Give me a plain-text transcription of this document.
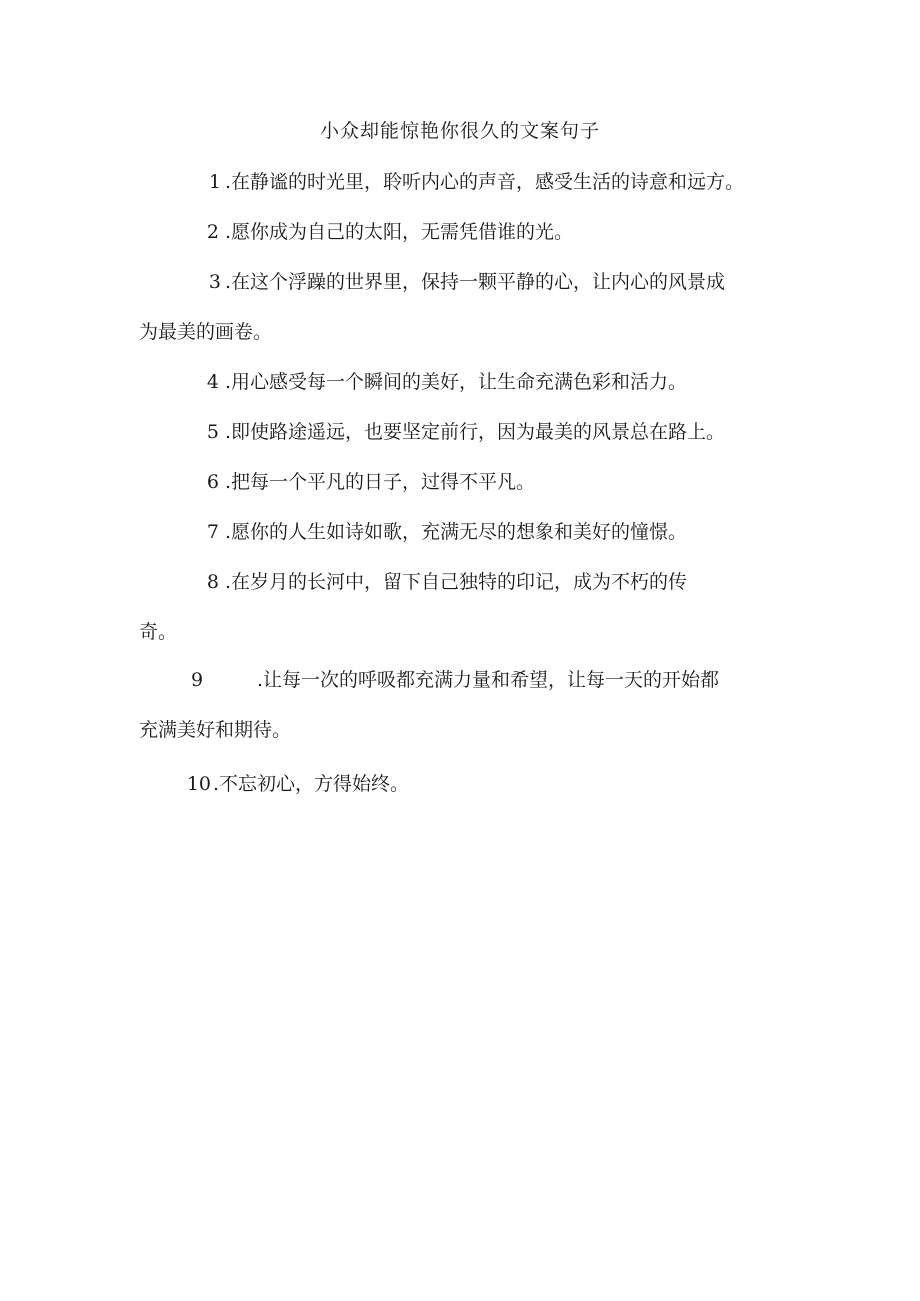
小众却能惊艳你很久的文案句子

1 .在静谧的时光里，聆听内心的声音，感受生活的诗意和远方。

2 .愿你成为自己的太阳，无需凭借谁的光。

3 .在这个浮躁的世界里，保持一颗平静的心，让内心的风景成

为最美的画卷。

4 .用心感受每一个瞬间的美好，让生命充满色彩和活力。

5 .即使路途遥远，也要坚定前行，因为最美的风景总在路上。

6 .把每一个平凡的日子，过得不平凡。

7 .愿你的人生如诗如歌，充满无尽的想象和美好的憧憬。

8 .在岁月的长河中，留下自己独特的印记，成为不朽的传

奇。

9	.让每一次的呼吸都充满力量和希望，让每一天的开始都

充满美好和期待。

10 .不忘初心，方得始终。
